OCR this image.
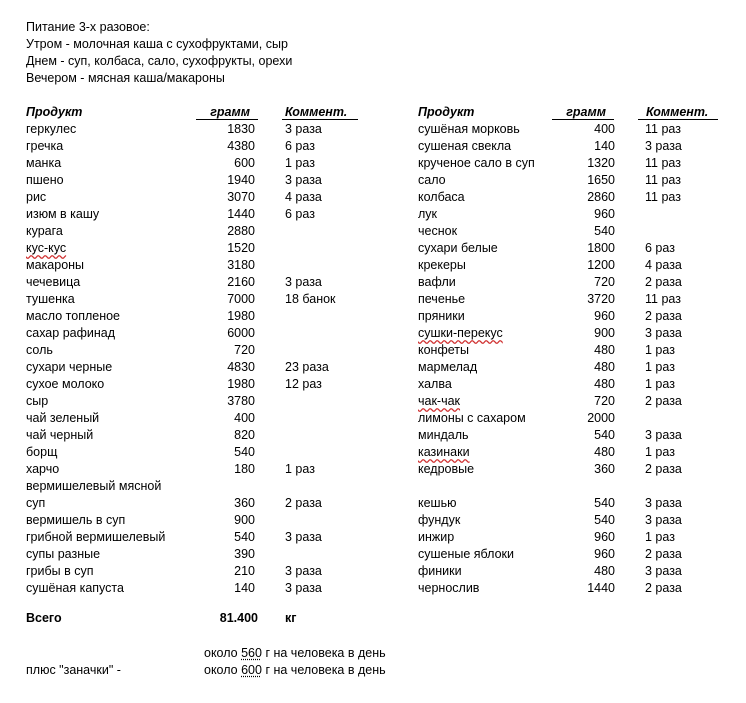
Питание 3-х разовое:
Утром - молочная каша с сухофруктами, сыр
Днем - суп, колбаса, сало, сухофрукты, орехи
Вечером - мясная каша/макароны
Продукт	грамм	Коммент.	Продукт	грамм	Коммент.
геркулес	1830 3 раза
гречка	4380 6 раз
манка	600 1 раз
пшено	1940 3 раза
рис	3070 4 раза
изюм в кашу	1440 6 раз
курага	2880
кус-кус	1520
макароны	3180
чечевица	2160 3 раза
тушенка	7000 18 банок
масло топленое	1980
сахар рафинад	6000
соль	720
сухари черные	4830 23 раза
сухое молоко	1980 12 раз
сыр	3780
чай зеленый	400
чай черный	820
борщ	540
харчо	180 1 раз
вермишелевый мясной
суп	360 2 раза
вермишель в суп	900
грибной вермишелевый	540 3 раза
супы разные	390
грибы в суп	210 3 раза
сушёная капуста	140 3 раза
сушёная морковь	400 11 раз
сушеная свекла	140 3 раза
крученое сало в суп	1320 11 раз
сало	1650 11 раз
колбаса	2860 11 раз
лук	960
чеснок	540
сухари белые	1800 6 раз
крекеры	1200 4 раза
вафли	720 2 раза
печенье	3720 11 раз
пряники	960 2 раза
сушки-перекус	900 3 раза
конфеты	480 1 раз
мармелад	480 1 раз
халва	480 1 раз
чак-чак	720 2 раза
лимоны с сахаром	2000
миндаль	540 3 раза
казинаки	480 1 раз
кедровые	360 2 раза
кешью	540 3 раза
фундук	540 3 раза
инжир	960 1 раз
сушеные яблоки	960 2 раза
финики	480 3 раза
чернослив	1440 2 раза
Всего	81.400 кг
около 560 г на человека в день
плюс "заначки" -	около 600 г на человека в день
